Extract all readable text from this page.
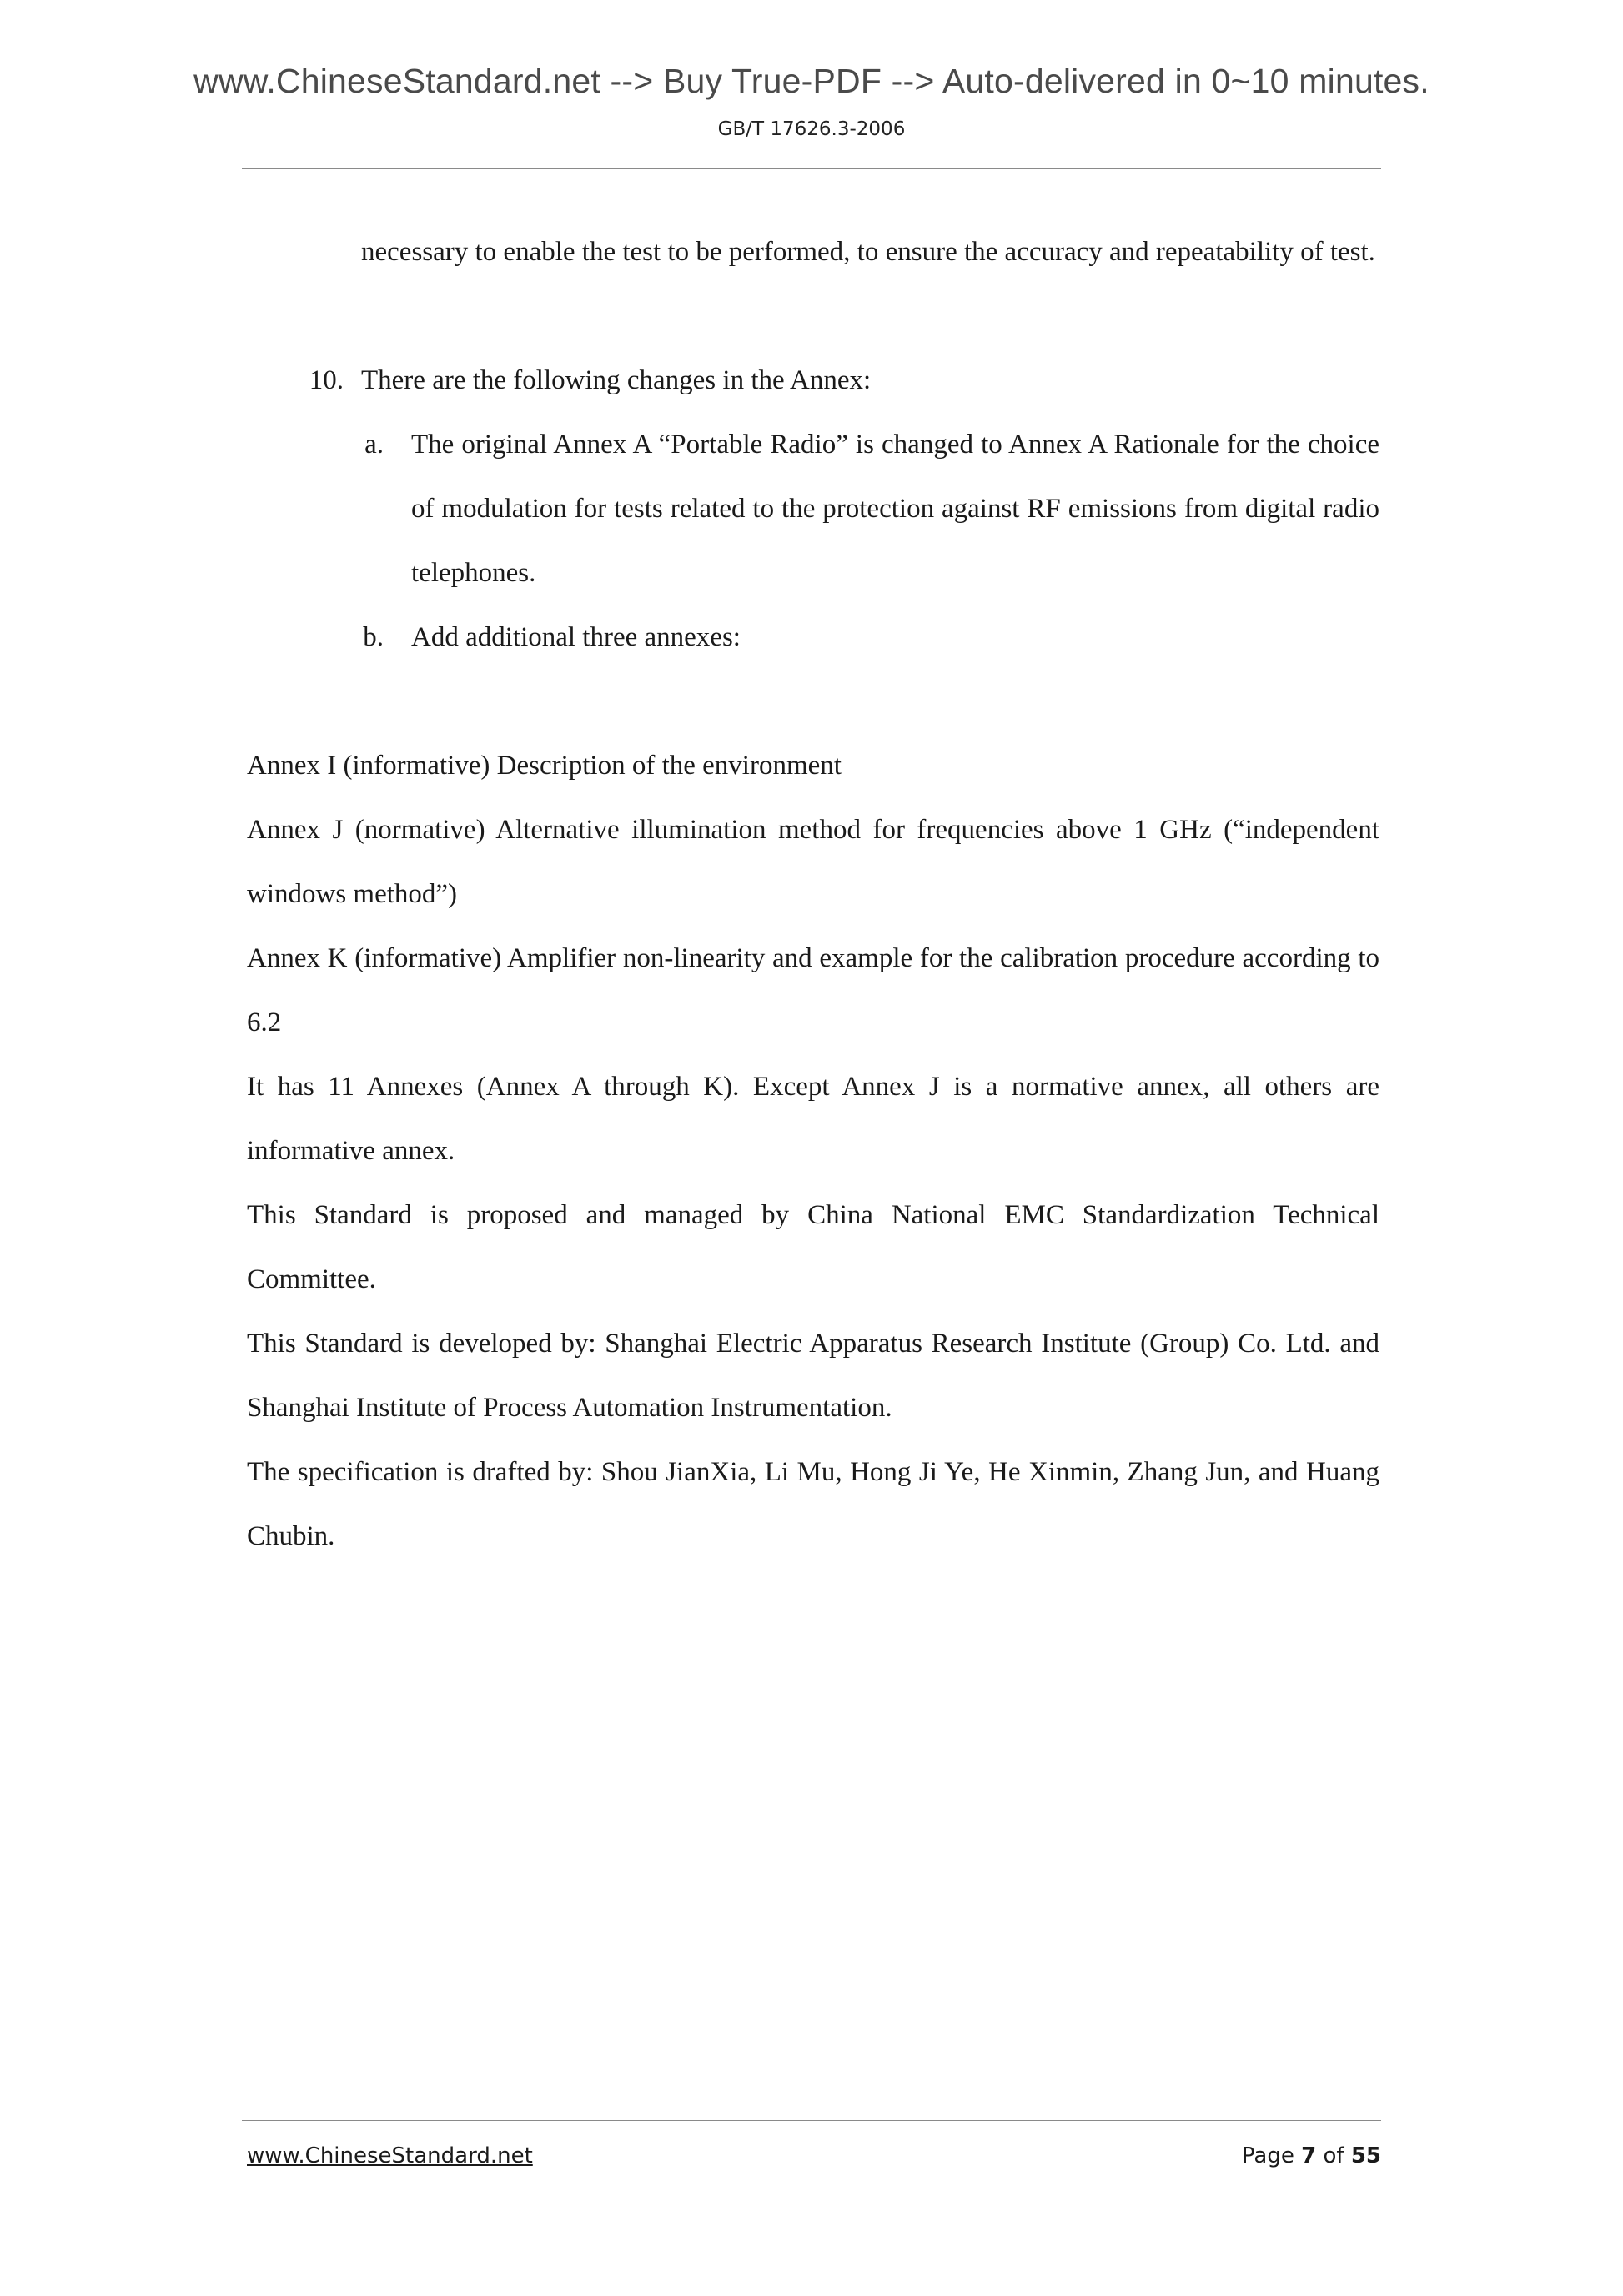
www.ChineseStandard.net --> Buy True-PDF --> Auto-delivered in 0~10 minutes.
GB/T 17626.3-2006

necessary to enable the test to be performed, to ensure the accuracy and repeatability of test.

10. There are the following changes in the Annex:

a. The original Annex A “Portable Radio” is changed to Annex A Rationale for the choice of modulation for tests related to the protection against RF emissions from digital radio telephones.

b. Add additional three annexes:

Annex I (informative) Description of the environment

Annex J (normative) Alternative illumination method for frequencies above 1 GHz (“independent windows method”)

Annex K (informative) Amplifier non-linearity and example for the calibration procedure according to 6.2

It has 11 Annexes (Annex A through K). Except Annex J is a normative annex, all others are informative annex.

This Standard is proposed and managed by China National EMC Standardization Technical Committee.

This Standard is developed by: Shanghai Electric Apparatus Research Institute (Group) Co. Ltd. and Shanghai Institute of Process Automation Instrumentation.

The specification is drafted by: Shou JianXia, Li Mu, Hong Ji Ye, He Xinmin, Zhang Jun, and Huang Chubin.

www.ChineseStandard.net	Page 7 of 55
